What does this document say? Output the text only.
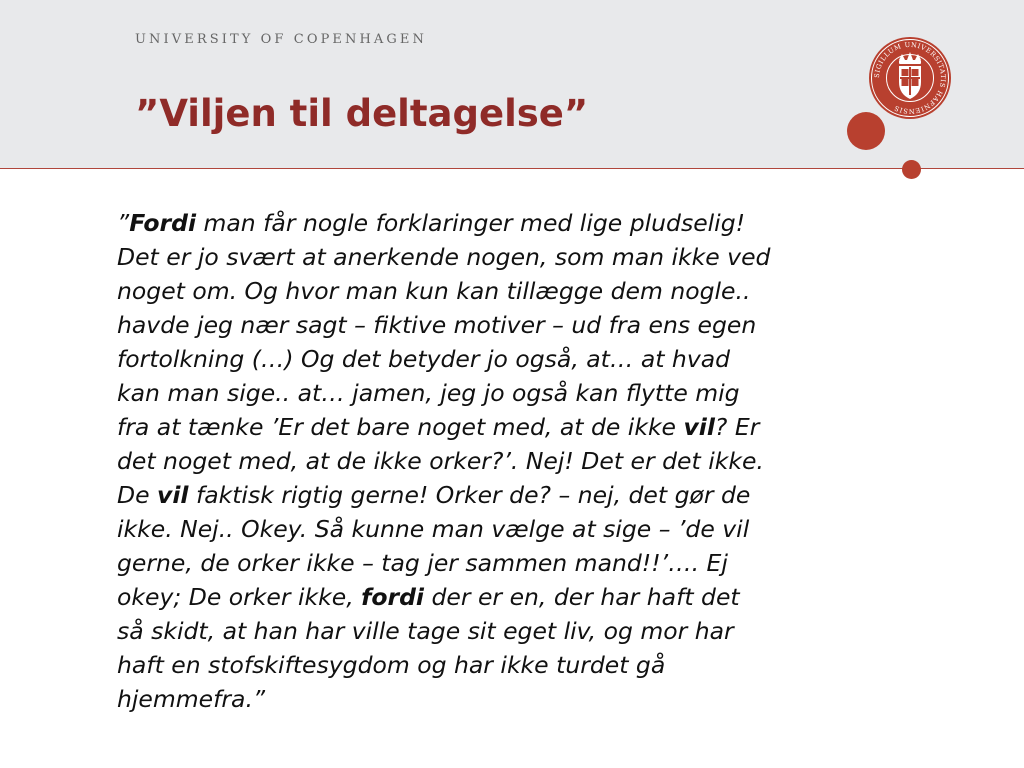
UNIVERSITY OF COPENHAGEN
SIGILLUM UNIVERSITATIS HAFNIENSIS
”Viljen til deltagelse”
”Fordi man får nogle forklaringer med lige pludselig!
Det er jo svært at anerkende nogen, som man ikke ved
noget om. Og hvor man kun kan tillægge dem nogle..
havde jeg nær sagt – fiktive motiver – ud fra ens egen
fortolkning (…) Og det betyder jo også, at… at hvad
kan man sige.. at… jamen, jeg jo også kan flytte mig
fra at tænke ’Er det bare noget med, at de ikke vil? Er
det noget med, at de ikke orker?’. Nej! Det er det ikke.
De vil faktisk rigtig gerne! Orker de? – nej, det gør de
ikke. Nej.. Okey. Så kunne man vælge at sige – ’de vil
gerne, de orker ikke – tag jer sammen mand!!’…. Ej
okey; De orker ikke, fordi der er en, der har haft det
så skidt, at han har ville tage sit eget liv, og mor har
haft en stofskiftesygdom og har ikke turdet gå
hjemmefra.”
